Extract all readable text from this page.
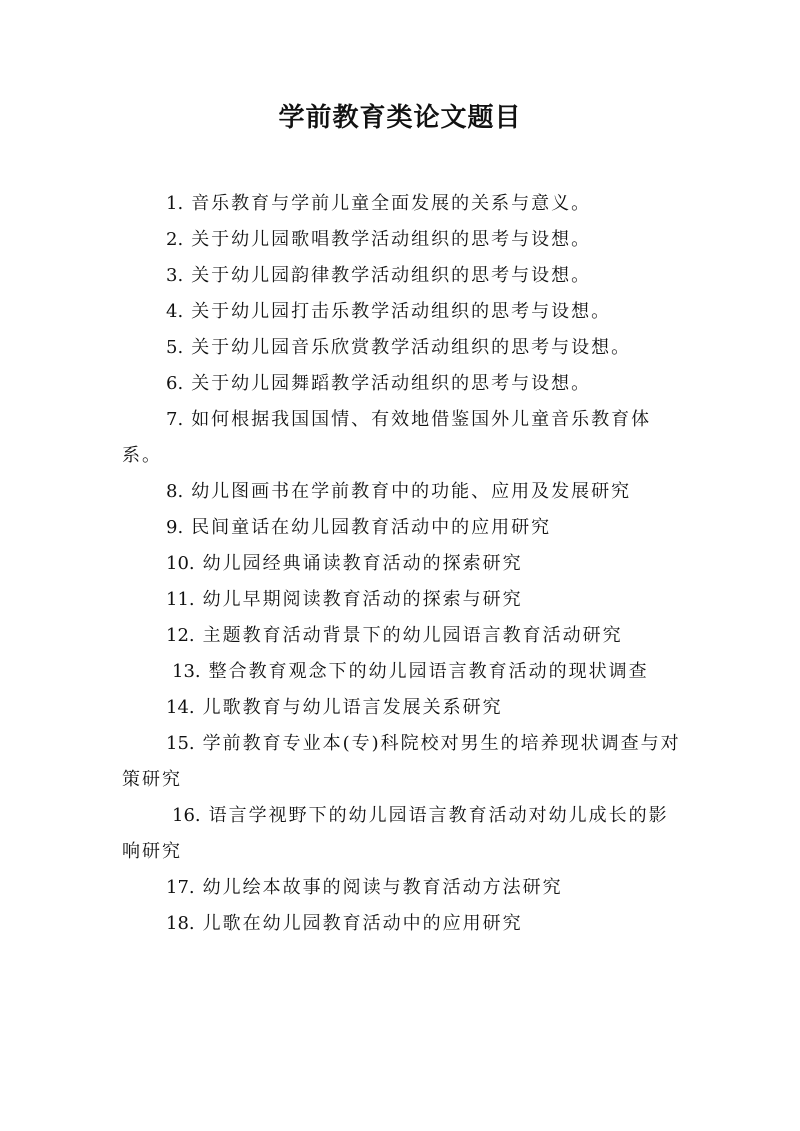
学前教育类论文题目
1. 音乐教育与学前儿童全面发展的关系与意义。
2. 关于幼儿园歌唱教学活动组织的思考与设想。
3. 关于幼儿园韵律教学活动组织的思考与设想。
4. 关于幼儿园打击乐教学活动组织的思考与设想。
5. 关于幼儿园音乐欣赏教学活动组织的思考与设想。
6. 关于幼儿园舞蹈教学活动组织的思考与设想。
7. 如何根据我国国情、有效地借鉴国外儿童音乐教育体系。
8. 幼儿图画书在学前教育中的功能、应用及发展研究
9. 民间童话在幼儿园教育活动中的应用研究
10. 幼儿园经典诵读教育活动的探索研究
11. 幼儿早期阅读教育活动的探索与研究
12. 主题教育活动背景下的幼儿园语言教育活动研究
13. 整合教育观念下的幼儿园语言教育活动的现状调查
14. 儿歌教育与幼儿语言发展关系研究
15. 学前教育专业本(专)科院校对男生的培养现状调查与对策研究
16. 语言学视野下的幼儿园语言教育活动对幼儿成长的影响研究
17. 幼儿绘本故事的阅读与教育活动方法研究
18. 儿歌在幼儿园教育活动中的应用研究
